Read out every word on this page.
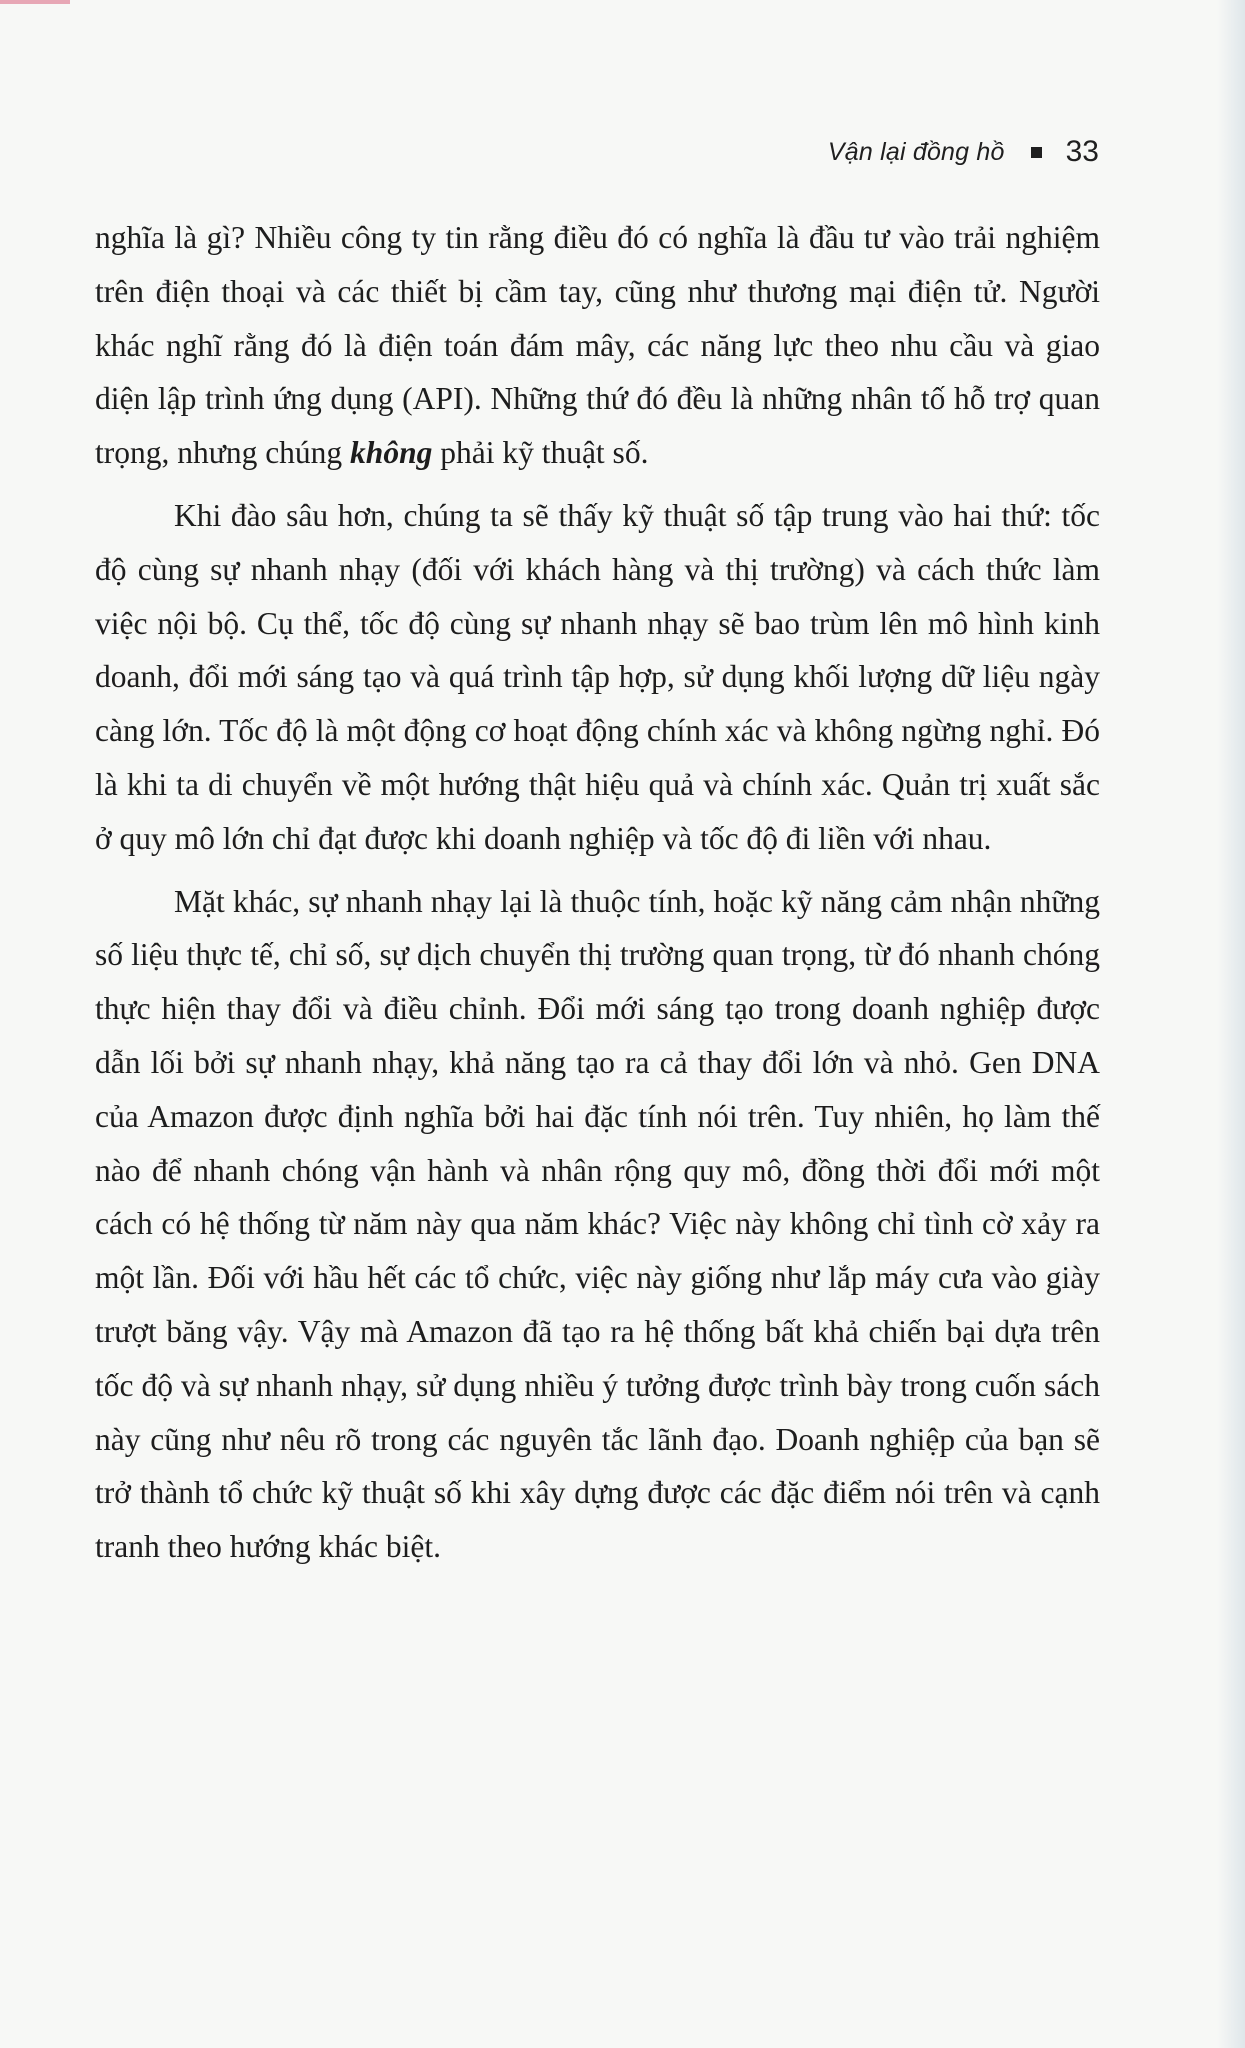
Vận lại đồng hồ 33

nghĩa là gì? Nhiều công ty tin rằng điều đó có nghĩa là đầu tư vào trải nghiệm trên điện thoại và các thiết bị cầm tay, cũng như thương mại điện tử. Người khác nghĩ rằng đó là điện toán đám mây, các năng lực theo nhu cầu và giao diện lập trình ứng dụng (API). Những thứ đó đều là những nhân tố hỗ trợ quan trọng, nhưng chúng không phải kỹ thuật số.

Khi đào sâu hơn, chúng ta sẽ thấy kỹ thuật số tập trung vào hai thứ: tốc độ cùng sự nhanh nhạy (đối với khách hàng và thị trường) và cách thức làm việc nội bộ. Cụ thể, tốc độ cùng sự nhanh nhạy sẽ bao trùm lên mô hình kinh doanh, đổi mới sáng tạo và quá trình tập hợp, sử dụng khối lượng dữ liệu ngày càng lớn. Tốc độ là một động cơ hoạt động chính xác và không ngừng nghỉ. Đó là khi ta di chuyển về một hướng thật hiệu quả và chính xác. Quản trị xuất sắc ở quy mô lớn chỉ đạt được khi doanh nghiệp và tốc độ đi liền với nhau.

Mặt khác, sự nhanh nhạy lại là thuộc tính, hoặc kỹ năng cảm nhận những số liệu thực tế, chỉ số, sự dịch chuyển thị trường quan trọng, từ đó nhanh chóng thực hiện thay đổi và điều chỉnh. Đổi mới sáng tạo trong doanh nghiệp được dẫn lối bởi sự nhanh nhạy, khả năng tạo ra cả thay đổi lớn và nhỏ. Gen DNA của Amazon được định nghĩa bởi hai đặc tính nói trên. Tuy nhiên, họ làm thế nào để nhanh chóng vận hành và nhân rộng quy mô, đồng thời đổi mới một cách có hệ thống từ năm này qua năm khác? Việc này không chỉ tình cờ xảy ra một lần. Đối với hầu hết các tổ chức, việc này giống như lắp máy cưa vào giày trượt băng vậy. Vậy mà Amazon đã tạo ra hệ thống bất khả chiến bại dựa trên tốc độ và sự nhanh nhạy, sử dụng nhiều ý tưởng được trình bày trong cuốn sách này cũng như nêu rõ trong các nguyên tắc lãnh đạo. Doanh nghiệp của bạn sẽ trở thành tổ chức kỹ thuật số khi xây dựng được các đặc điểm nói trên và cạnh tranh theo hướng khác biệt.
